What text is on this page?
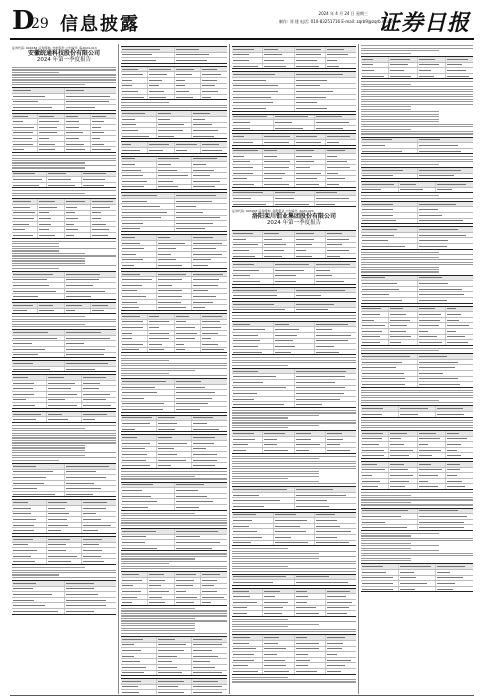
D
29 信息披露
2024 年 4 月 24 日 星期三
制作: 刘 建 电话: 010-83251716 E-mail: zqrb9@zqrb.sina.net
证券日报
证券代码: 600184 证券简称: 光电股份 公告编号: 临2024-013
安徽皖通科技股份有限公司
2024 年第一季度报告
证券代码: 603993 证券简称: 洛阳钼业 公告编号: 2024-024
洛阳栾川钼业集团股份有限公司
2024 年第一季度报告
